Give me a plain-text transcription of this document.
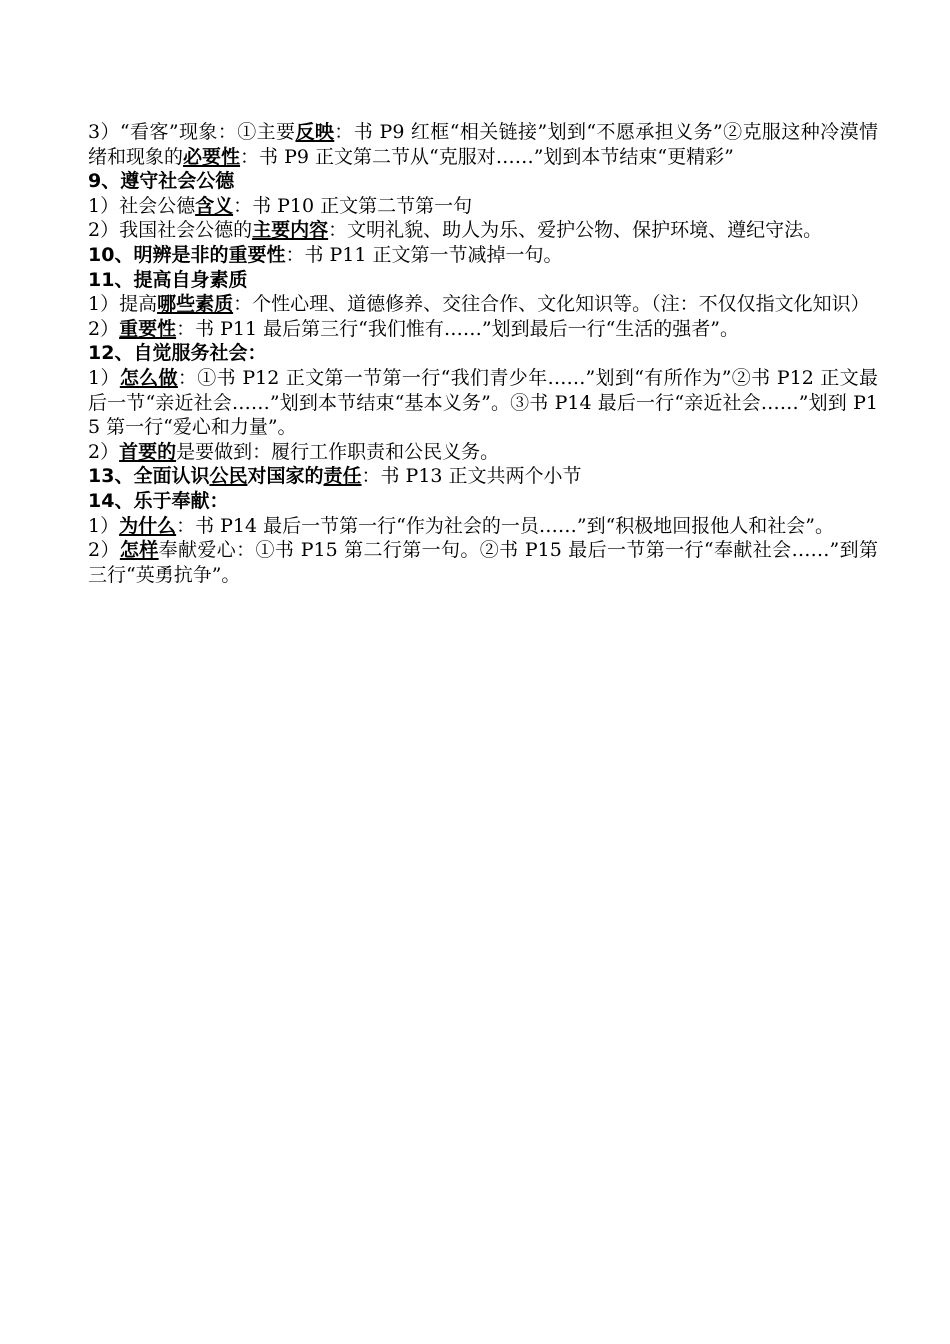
3）“看客”现象：①主要反映：书 P9 红框“相关链接”划到“不愿承担义务”②克服这种冷漠情绪和现象的必要性：书 P9 正文第二节从“克服对……”划到本节结束“更精彩”
9、遵守社会公德
1）社会公德含义：书 P10 正文第二节第一句
2）我国社会公德的主要内容：文明礼貌、助人为乐、爱护公物、保护环境、遵纪守法。
10、明辨是非的重要性：书 P11 正文第一节减掉一句。
11、提高自身素质
1）提高哪些素质：个性心理、道德修养、交往合作、文化知识等。（注：不仅仅指文化知识）
2）重要性：书 P11 最后第三行“我们惟有……”划到最后一行“生活的强者”。
12、自觉服务社会：
1）怎么做：①书 P12 正文第一节第一行“我们青少年……”划到“有所作为”②书 P12 正文最后一节“亲近社会……”划到本节结束“基本义务”。③书 P14 最后一行“亲近社会……”划到 P15 第一行“爱心和力量”。
2）首要的是要做到：履行工作职责和公民义务。
13、全面认识公民对国家的责任：书 P13 正文共两个小节
14、乐于奉献：
1）为什么：书 P14 最后一节第一行“作为社会的一员……”到“积极地回报他人和社会”。
2）怎样奉献爱心：①书 P15 第二行第一句。②书 P15 最后一节第一行“奉献社会……”到第三行“英勇抗争”。
